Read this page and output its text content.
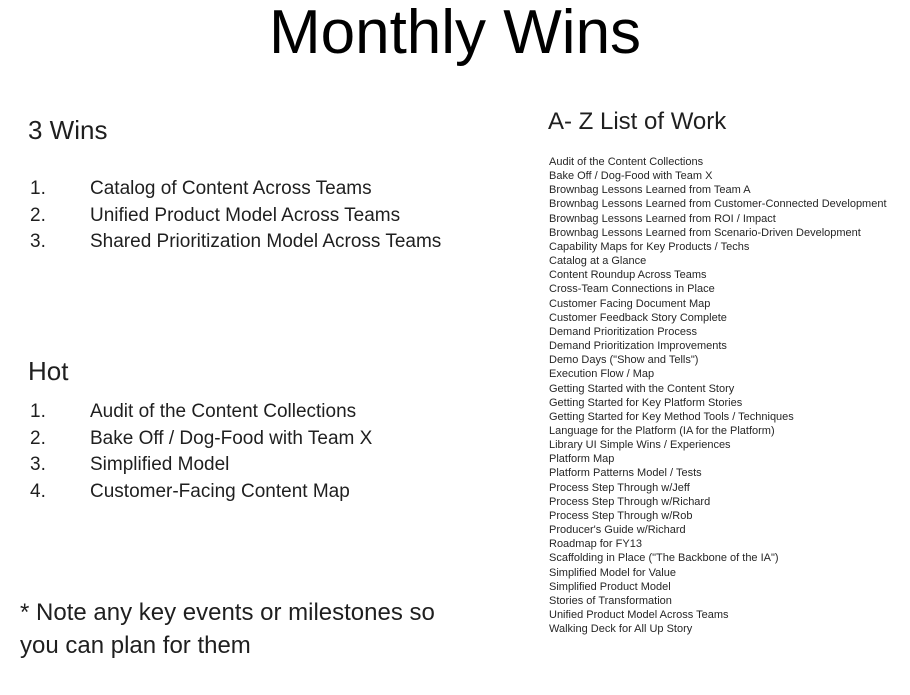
Monthly Wins
3 Wins
1.	Catalog of Content Across Teams
2.	Unified Product Model Across Teams
3.	Shared Prioritization Model Across Teams
Hot
1.	Audit of the Content Collections
2.	Bake Off / Dog-Food with Team X
3.	Simplified Model
4.	Customer-Facing Content Map
* Note any key events or milestones so you can plan for them
A- Z List of Work
Audit of the Content Collections
Bake Off / Dog-Food with Team X
Brownbag Lessons Learned from Team A
Brownbag Lessons Learned from Customer-Connected Development
Brownbag Lessons Learned from ROI / Impact
Brownbag Lessons Learned from Scenario-Driven Development
Capability Maps for Key Products / Techs
Catalog at a Glance
Content Roundup Across Teams
Cross-Team Connections in Place
Customer Facing Document Map
Customer Feedback Story Complete
Demand Prioritization Process
Demand Prioritization Improvements
Demo Days ("Show and Tells")
Execution Flow / Map
Getting Started with the Content Story
Getting Started for Key Platform Stories
Getting Started for Key Method Tools / Techniques
Language for the Platform (IA for the Platform)
Library UI Simple Wins / Experiences
Platform Map
Platform Patterns Model / Tests
Process Step Through w/Jeff
Process Step Through w/Richard
Process Step Through w/Rob
Producer's Guide w/Richard
Roadmap for FY13
Scaffolding in Place ("The Backbone of the IA")
Simplified Model for Value
Simplified Product Model
Stories of Transformation
Unified Product Model Across Teams
Walking Deck for All Up Story
